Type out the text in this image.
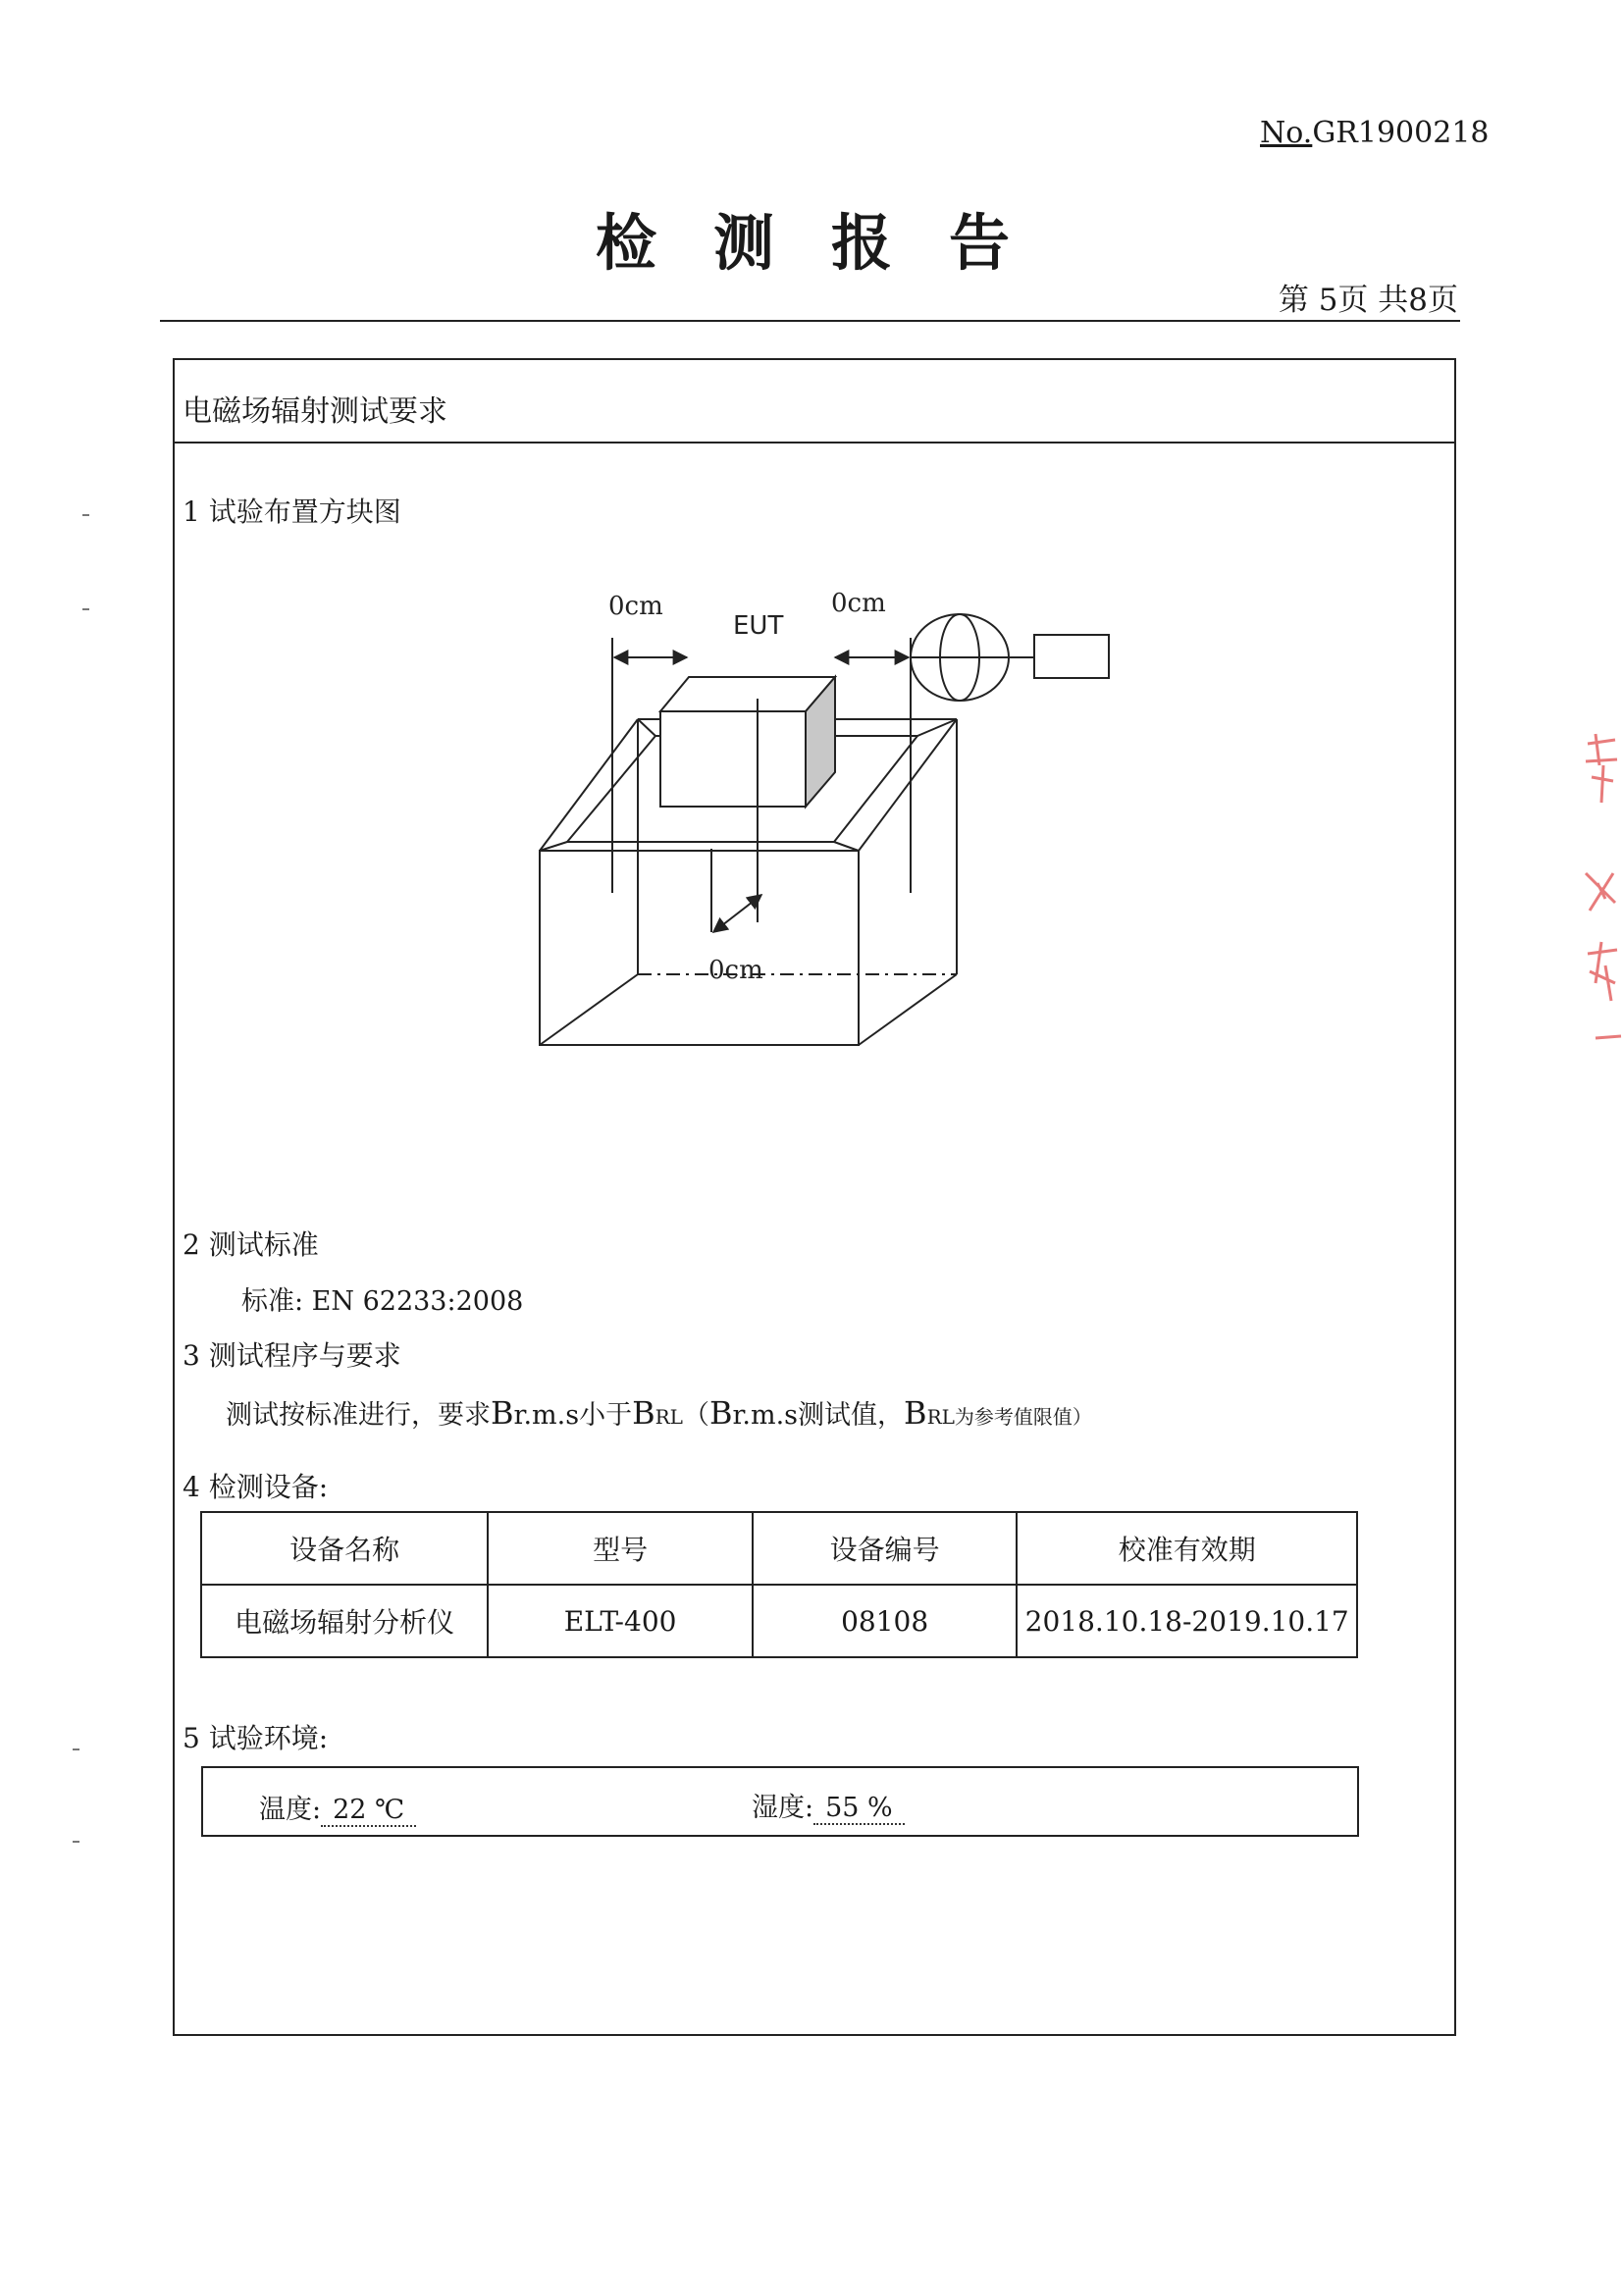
No.GR1900218
检测报告
第 5页 共8页
电磁场辐射测试要求
1 试验布置方块图
0cm	0cm
EUT
0cm
2 测试标准
标准: EN 62233:2008
3 测试程序与要求
测试按标准进行，要求Br.m.s小于BRL（Br.m.s测试值，BRL为参考值限值）
4 检测设备:
设备名称	型号	设备编号	校准有效期
电磁场辐射分析仪	ELT-400	08108	2018.10.18-2019.10.17
5 试验环境:
温度: 22 ℃	湿度: 55 %
